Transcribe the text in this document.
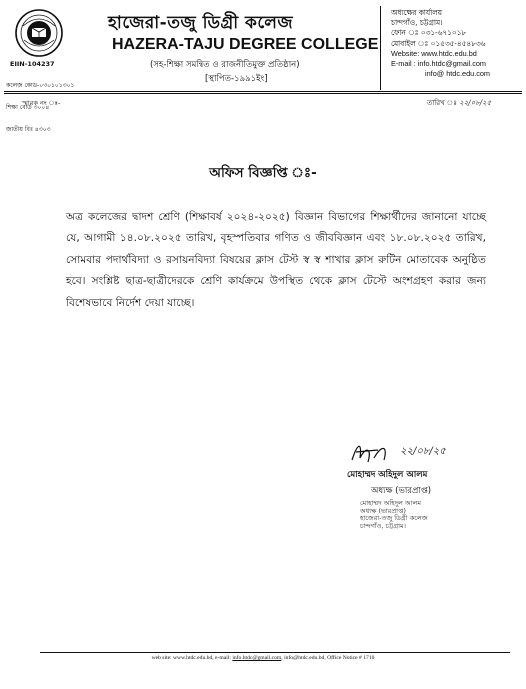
EIIN-104237

কলেজ কোড-০৩০১০১৩০১

শিক্ষা বোর্ড ৩০০৪

জাতীয় বিঃ ৪৩০৩

হাজেরা-তজু ডিগ্রী কলেজ
HAZERA-TAJU DEGREE COLLEGE
(সহ-শিক্ষা সমন্বিত ও রাজনীতিমুক্ত প্রতিষ্ঠান)
[স্থাপিত-১৯৯১ইং]
অধ্যক্ষের কার্যালয়
চান্দগাঁও, চট্টগ্রাম।
ফোন ঃ ০৩১-৬৭১০১৮
মোবাইল ঃ ০১৫৩৫-৪৫৪৮৩৬
Website: www.htdc.edu.bd
E-mail : info.htdc@gmail.com
info@ htdc.edu.com
স্মারক নং ঃ-	তারিখ ঃ ২২/০৮/২৫
অফিস বিজ্ঞপ্তি ঃ-
অত্র কলেজের দ্বাদশ শ্রেণি (শিক্ষাবর্ষ ২০২৪-২০২৫) বিজ্ঞান বিভাগের শিক্ষার্থীদের জানানো যাচ্ছে যে, আগামী ১৪.০৮.২০২৫ তারিখ, বৃহস্পতিবার গণিত ও জীববিজ্ঞান এবং ১৮.০৮.২০২৫ তারিখ, সোমবার পদার্থবিদ্যা ও রসায়নবিদ্যা বিষয়ের ক্লাস টেস্ট স্ব স্ব শাখার ক্লাস রুটিন মোতাবেক অনুষ্ঠিত হবে। সংশ্লিষ্ট ছাত্র-ছাত্রীদেরকে শ্রেণি কার্যক্রমে উপস্থিত থেকে ক্লাস টেস্টে অংশগ্রহণ করার জন্য বিশেষভাবে নির্দেশ দেয়া যাচ্ছে।
২২/০৮/২৫
মোহাম্মদ অহিদুল আলম
অধ্যক্ষ (ভারপ্রাপ্ত)
মোহাম্মদ অহিদুল আলম
অধ্যক্ষ (ভারপ্রাপ্ত)
হাজেরা-তজু ডিগ্রী কলেজ
চান্দগাঁও, চট্টগ্রাম।
web site: www.htdc.edu.bd, e-mail: info.htdc@gmail.com, info@htdc.edu.bd, Office Notice # 1710
